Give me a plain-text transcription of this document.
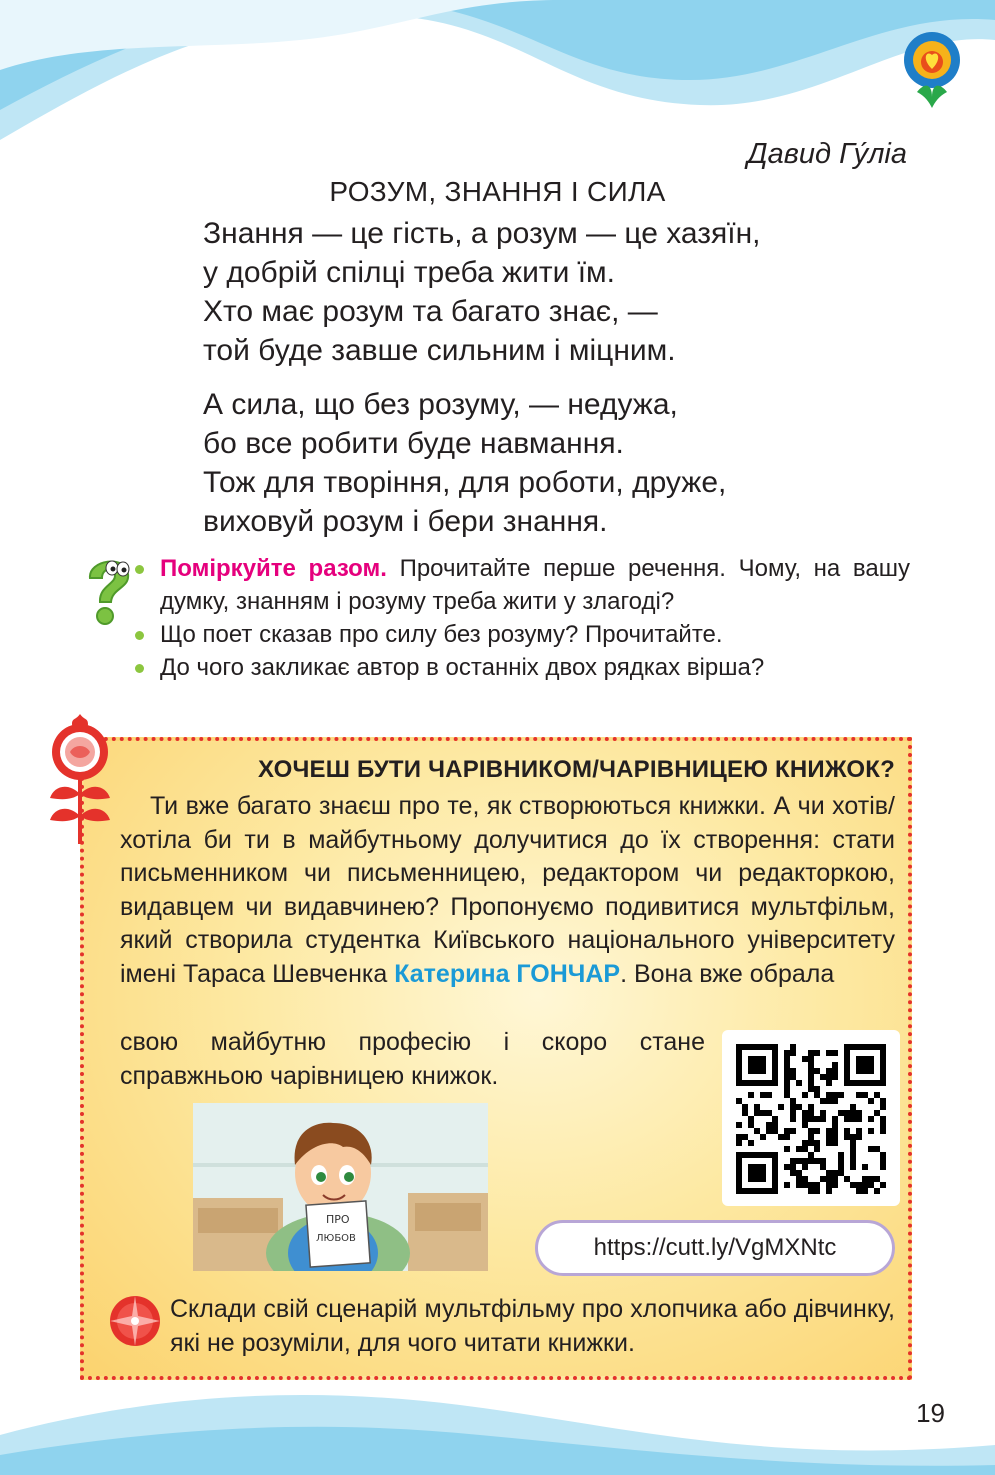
Давид Гу́ліа
РОЗУМ, ЗНАННЯ І СИЛА
Знання — це гість, а розум — це хазяїн,
у добрій спілці треба жити їм.
Хто має розум та багато знає, —
той буде завше сильним і міцним.
А сила, що без розуму, — недужа,
бо все робити буде навмання.
Тож для творіння, для роботи, друже,
виховуй розум і бери знання.
Поміркуйте разом. Прочитайте перше речення. Чому, на вашу думку, знанням і розуму треба жити у злагоді?
Що поет сказав про силу без розуму? Прочитайте.
До чого закликає автор в останніх двох рядках вірша?
ХОЧЕШ БУТИ ЧАРІВНИКОМ/ЧАРІВНИЦЕЮ КНИЖОК?
Ти вже багато знаєш про те, як створюються книжки. А чи хотів/хотіла би ти в майбутньому долучитися до їх створення: стати письменником чи письменницею, редактором чи редакторкою, видавцем чи видавчинею? Пропонуємо подивитися мультфільм, який створила студентка Київського національного університету імені Тараса Шевченка Катерина ГОНЧАР. Вона вже обрала
свою майбутню професію і скоро стане справжньою чарівницею книжок.
ПРО
ЛЮБОВ	https://cutt.ly/VgMXNtc
Склади свій сценарій мультфільму про хлопчика або дівчинку, які не розуміли, для чого читати книжки.
19
